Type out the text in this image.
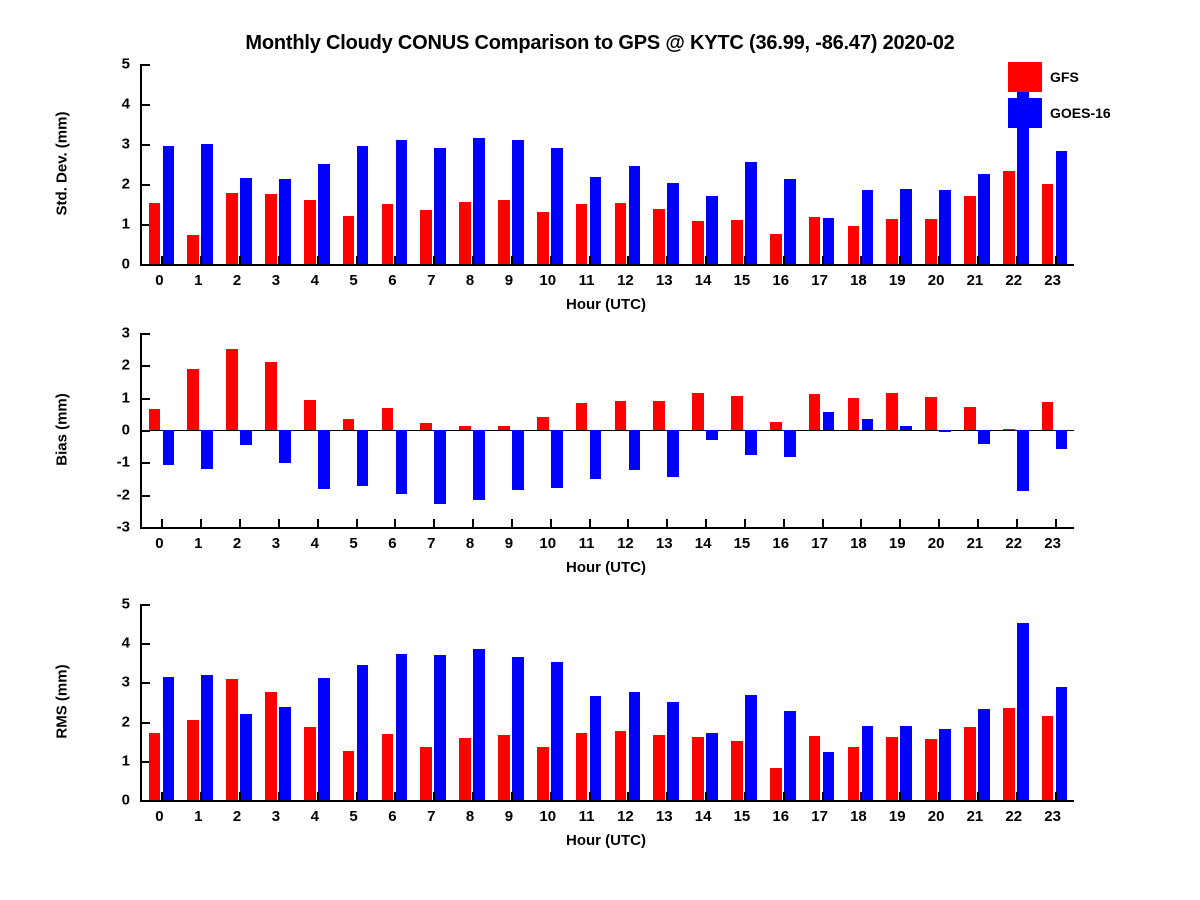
Monthly Cloudy CONUS Comparison to GPS @ KYTC (36.99, -86.47) 2020-02
0
1
2
3
4
5
0 1 2 3 4 5 6 7 8 9 10 11 12 13 14 15 16 17 18 19 20 21 22 23
Hour (UTC)
Std. Dev. (mm)
-3
-2
-1
0
1
2
3
0 1 2 3 4 5 6 7 8 9 10 11 12 13 14 15 16 17 18 19 20 21 22 23
Hour (UTC)
Bias (mm)
0
1
2
3
4
5
0 1 2 3 4 5 6 7 8 9 10 11 12 13 14 15 16 17 18 19 20 21 22 23
Hour (UTC)
RMS (mm)
GFS
GOES-16
